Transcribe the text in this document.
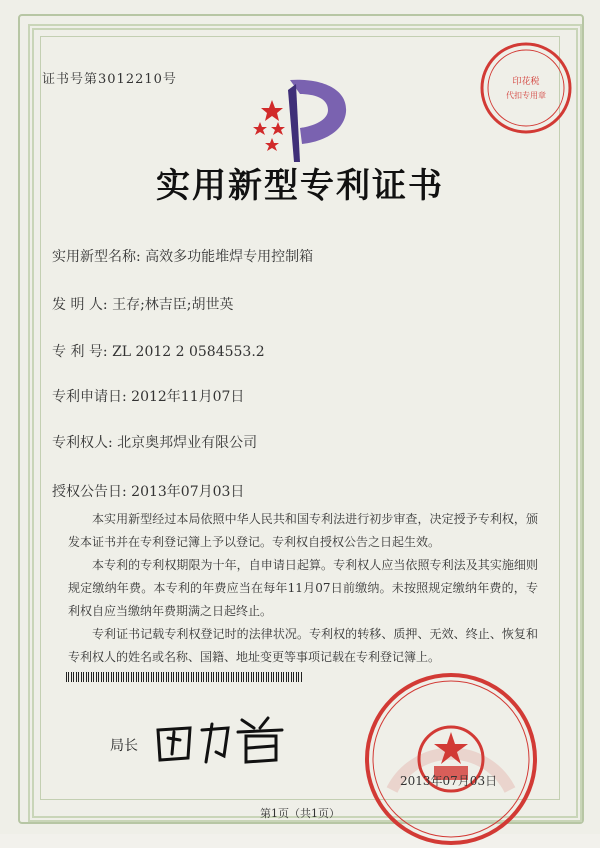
证书号第3012210号	印花税
代扣专用章
实用新型专利证书
实用新型名称: 高效多功能堆焊专用控制箱
发 明 人: 王存;林吉臣;胡世英
专 利 号: ZL 2012 2 0584553.2
专利申请日: 2012年11月07日
专利权人: 北京奥邦焊业有限公司
授权公告日: 2013年07月03日

本实用新型经过本局依照中华人民共和国专利法进行初步审查，决定授予专利权，颁发本证书并在专利登记簿上予以登记。专利权自授权公告之日起生效。

本专利的专利权期限为十年，自申请日起算。专利权人应当依照专利法及其实施细则规定缴纳年费。本专利的年费应当在每年11月07日前缴纳。未按照规定缴纳年费的，专利权自应当缴纳年费期满之日起终止。

专利证书记载专利权登记时的法律状况。专利权的转移、质押、无效、终止、恢复和专利权人的姓名或名称、国籍、地址变更等事项记载在专利登记簿上。

局长
2013年07月03日
第1页（共1页）
